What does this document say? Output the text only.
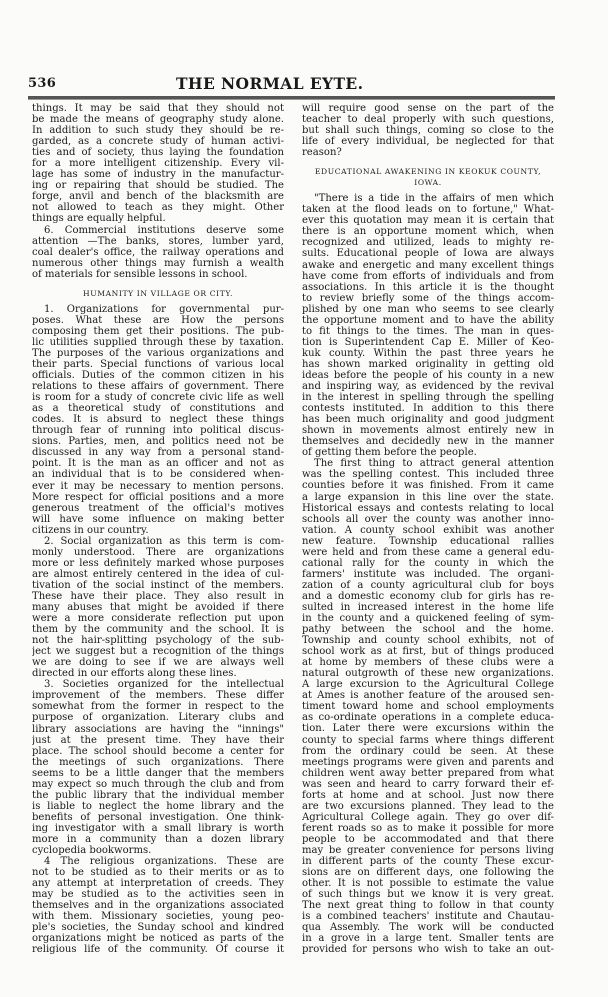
536	THE NORMAL EYTE.
things. It may be said that they should not
be made the means of geography study alone.
In addition to such study they should be re-
garded, as a concrete study of human activi-
ties and of society, thus laying the foundation
for a more intelligent citizenship. Every vil-
lage has some of industry in the manufactur-
ing or repairing that should be studied. The
forge, anvil and bench of the blacksmith are
not allowed to teach as they might. Other
things are equally helpful.
6. Commercial institutions deserve some
attention —The banks, stores, lumber yard,
coal dealer's office, the railway operations and
numerous other things may furnish a wealth
of materials for sensible lessons in school.
HUMANITY IN VILLAGE OR CITY.
1. Organizations for governmental pur-
poses. What these are How the persons
composing them get their positions. The pub-
lic utilities supplied through these by taxation.
The purposes of the various organizations and
their parts. Special functions of various local
officials. Duties of the common citizen in his
relations to these affairs of government. There
is room for a study of concrete civic life as well
as a theoretical study of constitutions and
codes. It is absurd to neglect these things
through fear of running into political discus-
sions. Parties, men, and politics need not be
discussed in any way from a personal stand-
point. It is the man as an officer and not as
an individual that is to be considered when-
ever it may be necessary to mention persons.
More respect for official positions and a more
generous treatment of the official's motives
will have some influence on making better
citizens in our country.
2. Social organization as this term is com-
monly understood. There are organizations
more or less definitely marked whose purposes
are almost entirely centered in the idea of cul-
tivation of the social instinct of the members.
These have their place. They also result in
many abuses that might be avoided if there
were a more considerate reflection put upon
them by the community and the school. It is
not the hair-splitting psychology of the sub-
ject we suggest but a recognition of the things
we are doing to see if we are always well
directed in our efforts along these lines.
3. Societies organized for the intellectual
improvement of the members. These differ
somewhat from the former in respect to the
purpose of organization. Literary clubs and
library associations are having the "innings"
just at the present time. They have their
place. The school should become a center for
the meetings of such organizations. There
seems to be a little danger that the members
may expect so much through the club and from
the public library that the individual member
is liable to neglect the home library and the
benefits of personal investigation. One think-
ing investigator with a small library is worth
more in a community than a dozen library
cyclopedia bookworms.
4 The religious organizations. These are
not to be studied as to their merits or as to
any attempt at interpretation of creeds. They
may be studied as to the activities seen in
themselves and in the organizations associated
with them. Missionary societies, young peo-
ple's societies, the Sunday school and kindred
organizations might be noticed as parts of the
religious life of the community. Of course it
will require good sense on the part of the
teacher to deal properly with such questions,
but shall such things, coming so close to the
life of every individual, be neglected for that
reason?
EDUCATIONAL AWAKENING IN KEOKUK COUNTY,
IOWA.
"There is a tide in the affairs of men which
taken at the flood leads on to fortune," What-
ever this quotation may mean it is certain that
there is an opportune moment which, when
recognized and utilized, leads to mighty re-
sults. Educational people of Iowa are always
awake and energetic and many excellent things
have come from efforts of individuals and from
associations. In this article it is the thought
to review briefly some of the things accom-
plished by one man who seems to see clearly
the opportune moment and to have the ability
to fit things to the times. The man in ques-
tion is Superintendent Cap E. Miller of Keo-
kuk county. Within the past three years he
has shown marked originality in getting old
ideas before the people of his county in a new
and inspiring way, as evidenced by the revival
in the interest in spelling through the spelling
contests instituted. In addition to this there
has been much originality and good judgment
shown in movements almost entirely new in
themselves and decidedly new in the manner
of getting them before the people.
The first thing to attract general attention
was the spelling contest. This included three
counties before it was finished. From it came
a large expansion in this line over the state.
Historical essays and contests relating to local
schools all over the county was another inno-
vation. A county school exhibit was another
new feature. Township educational rallies
were held and from these came a general edu-
cational rally for the county in which the
farmers' institute was included. The organi-
zation of a county agricultural club for boys
and a domestic economy club for girls has re-
sulted in increased interest in the home life
in the county and a quickened feeling of sym-
pathy between the school and the home.
Township and county school exhibits, not of
school work as at first, but of things produced
at home by members of these clubs were a
natural outgrowth of these new organizations.
A large excursion to the Agricultural College
at Ames is another feature of the aroused sen-
timent toward home and school employments
as co-ordinate operations in a complete educa-
tion. Later there were excursions within the
county to special farms where things different
from the ordinary could be seen. At these
meetings programs were given and parents and
children went away better prepared from what
was seen and heard to carry forward their ef-
forts at home and at school. Just now there
are two excursions planned. They lead to the
Agricultural College again. They go over dif-
ferent roads so as to make it possible for more
people to be accommodated and that there
may be greater convenience for persons living
in different parts of the county These excur-
sions are on different days, one following the
other. It is not possible to estimate the value
of such things but we know it is very great.
The next great thing to follow in that county
is a combined teachers' institute and Chautau-
qua Assembly. The work will be conducted
in a grove in a large tent. Smaller tents are
provided for persons who wish to take an out-
